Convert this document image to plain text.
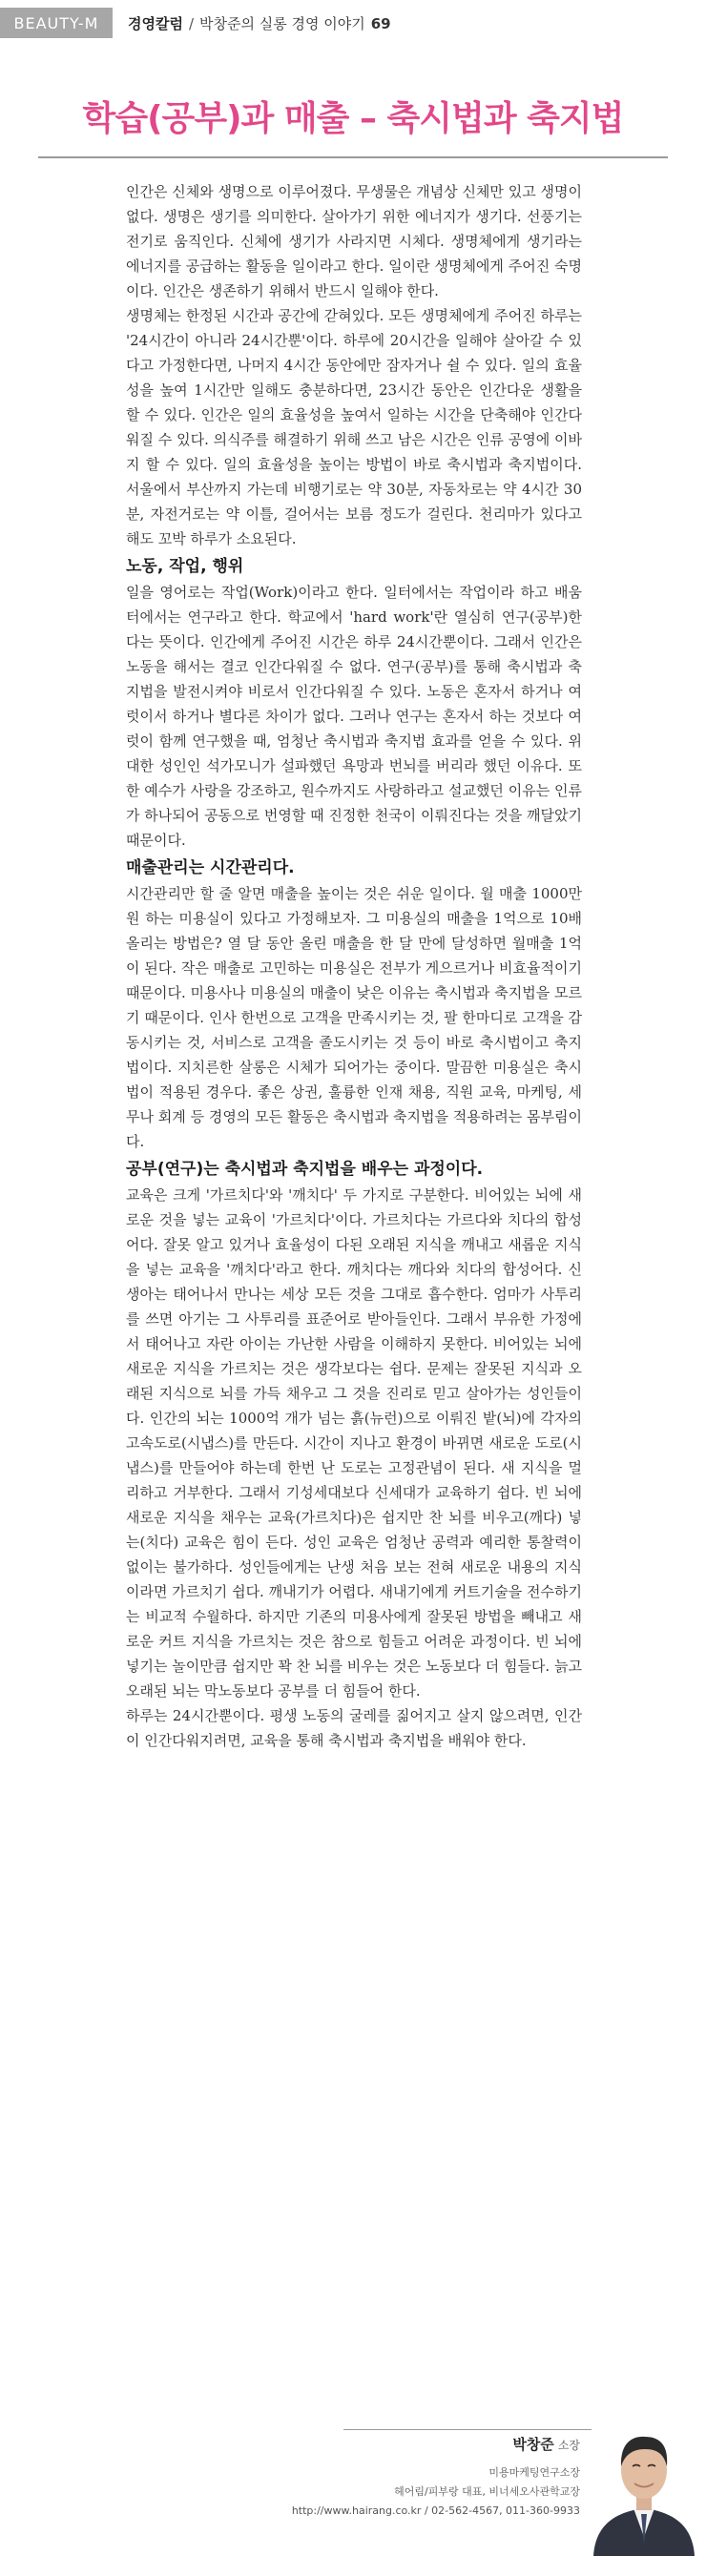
BEAUTY-M	경영칼럼 / 박창준의 실롱 경영 이야기 69
학습(공부)과 매출 – 축시법과 축지법

인간은 신체와 생명으로 이루어졌다. 무생물은 개념상 신체만 있고 생명이 없다. 생명은 생기를 의미한다. 살아가기 위한 에너지가 생기다. 선풍기는 전기로 움직인다. 신체에 생기가 사라지면 시체다. 생명체에게 생기라는 에너지를 공급하는 활동을 일이라고 한다. 일이란 생명체에게 주어진 숙명이다. 인간은 생존하기 위해서 반드시 일해야 한다.

생명체는 한정된 시간과 공간에 갇혀있다. 모든 생명체에게 주어진 하루는 '24시간이 아니라 24시간뿐'이다. 하루에 20시간을 일해야 살아갈 수 있다고 가정한다면, 나머지 4시간 동안에만 잠자거나 쉴 수 있다. 일의 효율성을 높여 1시간만 일해도 충분하다면, 23시간 동안은 인간다운 생활을 할 수 있다. 인간은 일의 효율성을 높여서 일하는 시간을 단축해야 인간다워질 수 있다. 의식주를 해결하기 위해 쓰고 남은 시간은 인류 공영에 이바지 할 수 있다. 일의 효율성을 높이는 방법이 바로 축시법과 축지법이다. 서울에서 부산까지 가는데 비행기로는 약 30분, 자동차로는 약 4시간 30분, 자전거로는 약 이틀, 걸어서는 보름 정도가 걸린다. 천리마가 있다고 해도 꼬박 하루가 소요된다.

노동, 작업, 행위

일을 영어로는 작업(Work)이라고 한다. 일터에서는 작업이라 하고 배움터에서는 연구라고 한다. 학교에서 'hard work'란 열심히 연구(공부)한다는 뜻이다. 인간에게 주어진 시간은 하루 24시간뿐이다. 그래서 인간은 노동을 해서는 결코 인간다워질 수 없다. 연구(공부)를 통해 축시법과 축지법을 발전시켜야 비로서 인간다워질 수 있다. 노동은 혼자서 하거나 여럿이서 하거나 별다른 차이가 없다. 그러나 연구는 혼자서 하는 것보다 여럿이 함께 연구했을 때, 엄청난 축시법과 축지법 효과를 얻을 수 있다. 위대한 성인인 석가모니가 설파했던 욕망과 번뇌를 버리라 했던 이유다. 또한 예수가 사랑을 강조하고, 원수까지도 사랑하라고 설교했던 이유는 인류가 하나되어 공동으로 번영할 때 진정한 천국이 이뤄진다는 것을 깨달았기 때문이다.

매출관리는 시간관리다.

시간관리만 할 줄 알면 매출을 높이는 것은 쉬운 일이다. 월 매출 1000만원 하는 미용실이 있다고 가정해보자. 그 미용실의 매출을 1억으로 10배 올리는 방법은? 열 달 동안 올린 매출을 한 달 만에 달성하면 월매출 1억이 된다. 작은 매출로 고민하는 미용실은 전부가 게으르거나 비효율적이기 때문이다. 미용사나 미용실의 매출이 낮은 이유는 축시법과 축지법을 모르기 때문이다. 인사 한번으로 고객을 만족시키는 것, 팔 한마디로 고객을 감동시키는 것, 서비스로 고객을 졸도시키는 것 등이 바로 축시법이고 축지법이다. 지치른한 살롱은 시체가 되어가는 중이다. 말끔한 미용실은 축시법이 적용된 경우다. 좋은 상권, 훌륭한 인재 채용, 직원 교육, 마케팅, 세무나 회계 등 경영의 모든 활동은 축시법과 축지법을 적용하려는 몸부림이다.

공부(연구)는 축시법과 축지법을 배우는 과정이다.

교육은 크게 '가르치다'와 '깨치다' 두 가지로 구분한다. 비어있는 뇌에 새로운 것을 넣는 교육이 '가르치다'이다. 가르치다는 가르다와 치다의 합성어다. 잘못 알고 있거나 효율성이 다된 오래된 지식을 깨내고 새롭운 지식을 넣는 교육을 '깨치다'라고 한다. 깨치다는 깨다와 치다의 합성어다. 신생아는 태어나서 만나는 세상 모든 것을 그대로 흡수한다. 엄마가 사투리를 쓰면 아기는 그 사투리를 표준어로 받아들인다. 그래서 부유한 가정에서 태어나고 자란 아이는 가난한 사람을 이해하지 못한다. 비어있는 뇌에 새로운 지식을 가르치는 것은 생각보다는 쉽다. 문제는 잘못된 지식과 오래된 지식으로 뇌를 가득 채우고 그 것을 진리로 믿고 살아가는 성인들이다. 인간의 뇌는 1000억 개가 넘는 흙(뉴런)으로 이뤄진 밭(뇌)에 각자의 고속도로(시냅스)를 만든다. 시간이 지나고 환경이 바뀌면 새로운 도로(시냅스)를 만들어야 하는데 한번 난 도로는 고정관념이 된다. 새 지식을 멀리하고 거부한다. 그래서 기성세대보다 신세대가 교육하기 쉽다. 빈 뇌에 새로운 지식을 채우는 교육(가르치다)은 쉽지만 찬 뇌를 비우고(깨다) 넣는(치다) 교육은 힘이 든다. 성인 교육은 엄청난 공력과 예리한 통찰력이 없이는 불가하다. 성인들에게는 난생 처음 보는 전혀 새로운 내용의 지식이라면 가르치기 쉽다. 깨내기가 어렵다. 새내기에게 커트기술을 전수하기는 비교적 수월하다. 하지만 기존의 미용사에게 잘못된 방법을 빼내고 새로운 커트 지식을 가르치는 것은 참으로 힘들고 어려운 과정이다. 빈 뇌에 넣기는 놀이만큼 쉽지만 꽉 찬 뇌를 비우는 것은 노동보다 더 힘들다. 늙고 오래된 뇌는 막노동보다 공부를 더 힘들어 한다.

하루는 24시간뿐이다. 평생 노동의 굴레를 짊어지고 살지 않으려면, 인간이 인간다워지려면, 교육을 통해 축시법과 축지법을 배워야 한다.

박창준 소장
미용마케팅연구소장
헤어림/피부랑 대표, 비너세오사관학교장
http://www.hairang.co.kr / 02-562-4567, 011-360-9933
